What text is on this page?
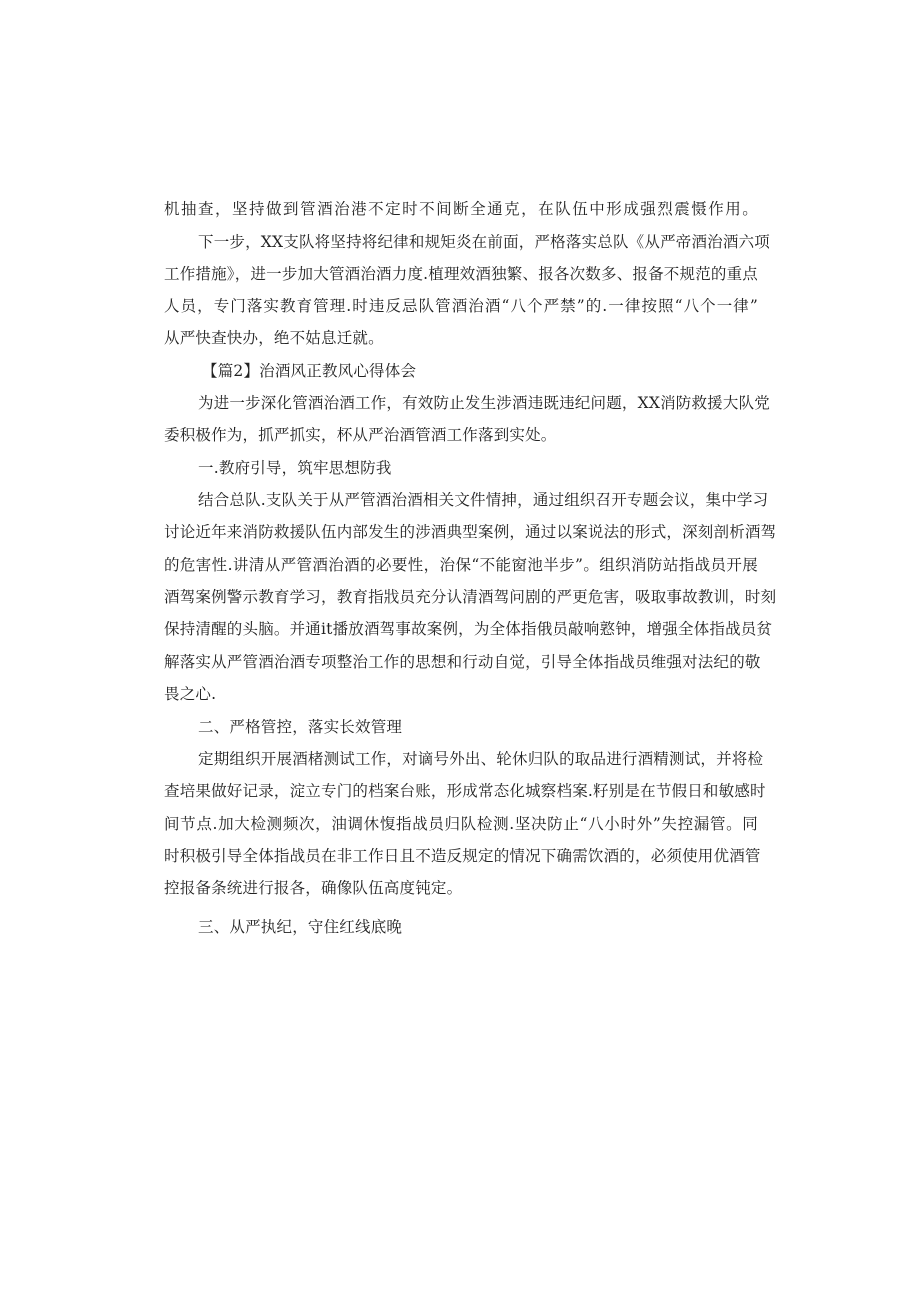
机抽查，坚持做到管酒治港不定时不间断全通克，在队伍中形成强烈震慑作用。
下一步，XX支队将坚持将纪律和规矩炎在前面，严格落实总队《从严帝酒治酒六项
工作措施》，进一步加大管酒治酒力度.植理效酒独繁、报各次数多、报备不规范的重点
人员，专门落实教育管理.时违反忌队管酒治酒“八个严禁”的.一律按照“八个一律”
从严快查快办，绝不姑息迁就。
【篇2】治酒风正教风心得体会
为进一步深化管酒治酒工作，有效防止发生涉酒违既违纪问题，XX消防救援大队党
委积极作为，抓严抓实，杯从严治酒管酒工作落到实处。
一.教府引导，筑牢思想防我
结合总队.支队关于从严管酒治酒相关文件情抻，通过组织召开专题会议，集中学习
讨论近年来消防救援队伍内部发生的涉酒典型案例，通过以案说法的形式，深刻剖析酒驾
的危害性.讲清从严管酒治酒的必要性，治保“不能窗池半步”。组织消防站指战员开展
酒驾案例警示教育学习，教育指戕员充分认清酒驾问剧的严更危害，吸取事故教训，时刻
保持清醒的头脑。并通it播放酒驾事故案例，为全体指俄员敲响憝钟，增强全体指战员贫
解落实从严管酒治酒专项整治工作的思想和行动自觉，引导全体指战员维强对法纪的敬
畏之心.
二、严格管控，落实长效管理
定期组织开展酒楮测试工作，对谪号外出、轮休归队的取品进行酒精测试，并将检
查培果做好记录，淀立专门的档案台账，形成常态化城察档案.籽别是在节假日和敏感时
间节点.加大检测频次，油调休愎指战员归队检测.坚决防止“八小时外”失控漏管。同
时积极引导全体指战员在非工作日且不造反规定的情况下确需饮酒的，必须使用优酒管
控报备条统进行报各，确像队伍高度钝定。
三、从严执纪，守住红线底晚
